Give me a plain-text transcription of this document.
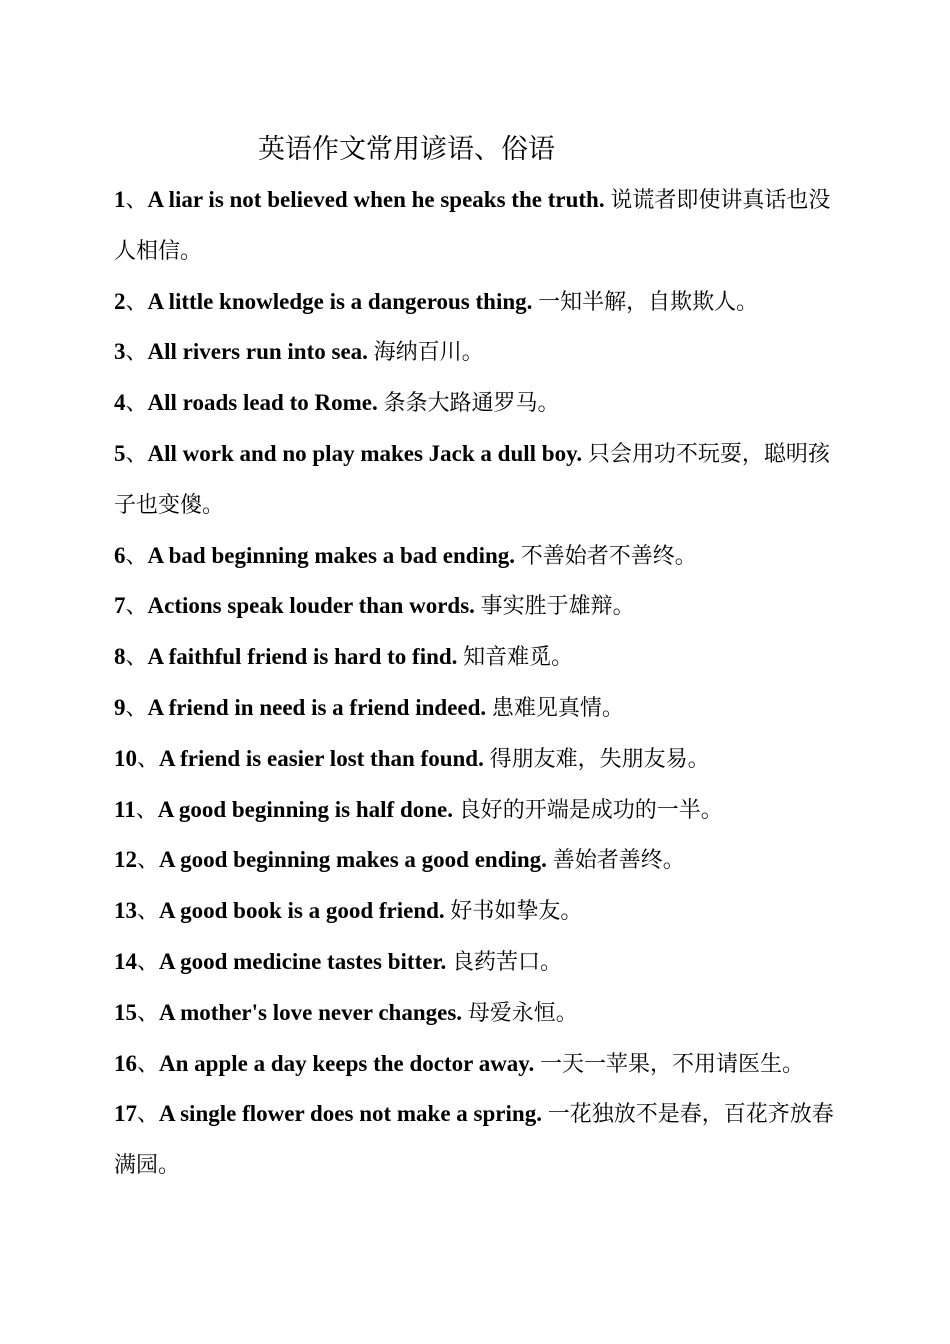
英语作文常用谚语、俗语

1、A liar is not believed when he speaks the truth. 说谎者即使讲真话也没人相信。

2、A little knowledge is a dangerous thing. 一知半解，自欺欺人。

3、All rivers run into sea. 海纳百川。

4、All roads lead to Rome. 条条大路通罗马。

5、All work and no play makes Jack a dull boy. 只会用功不玩耍，聪明孩子也变傻。

6、A bad beginning makes a bad ending. 不善始者不善终。

7、Actions speak louder than words. 事实胜于雄辩。

8、A faithful friend is hard to find. 知音难觅。

9、A friend in need is a friend indeed. 患难见真情。

10、A friend is easier lost than found. 得朋友难，失朋友易。

11、A good beginning is half done. 良好的开端是成功的一半。

12、A good beginning makes a good ending. 善始者善终。

13、A good book is a good friend. 好书如挚友。

14、A good medicine tastes bitter. 良药苦口。

15、A mother's love never changes. 母爱永恒。

16、An apple a day keeps the doctor away. 一天一苹果，不用请医生。

17、A single flower does not make a spring. 一花独放不是春，百花齐放春满园。
